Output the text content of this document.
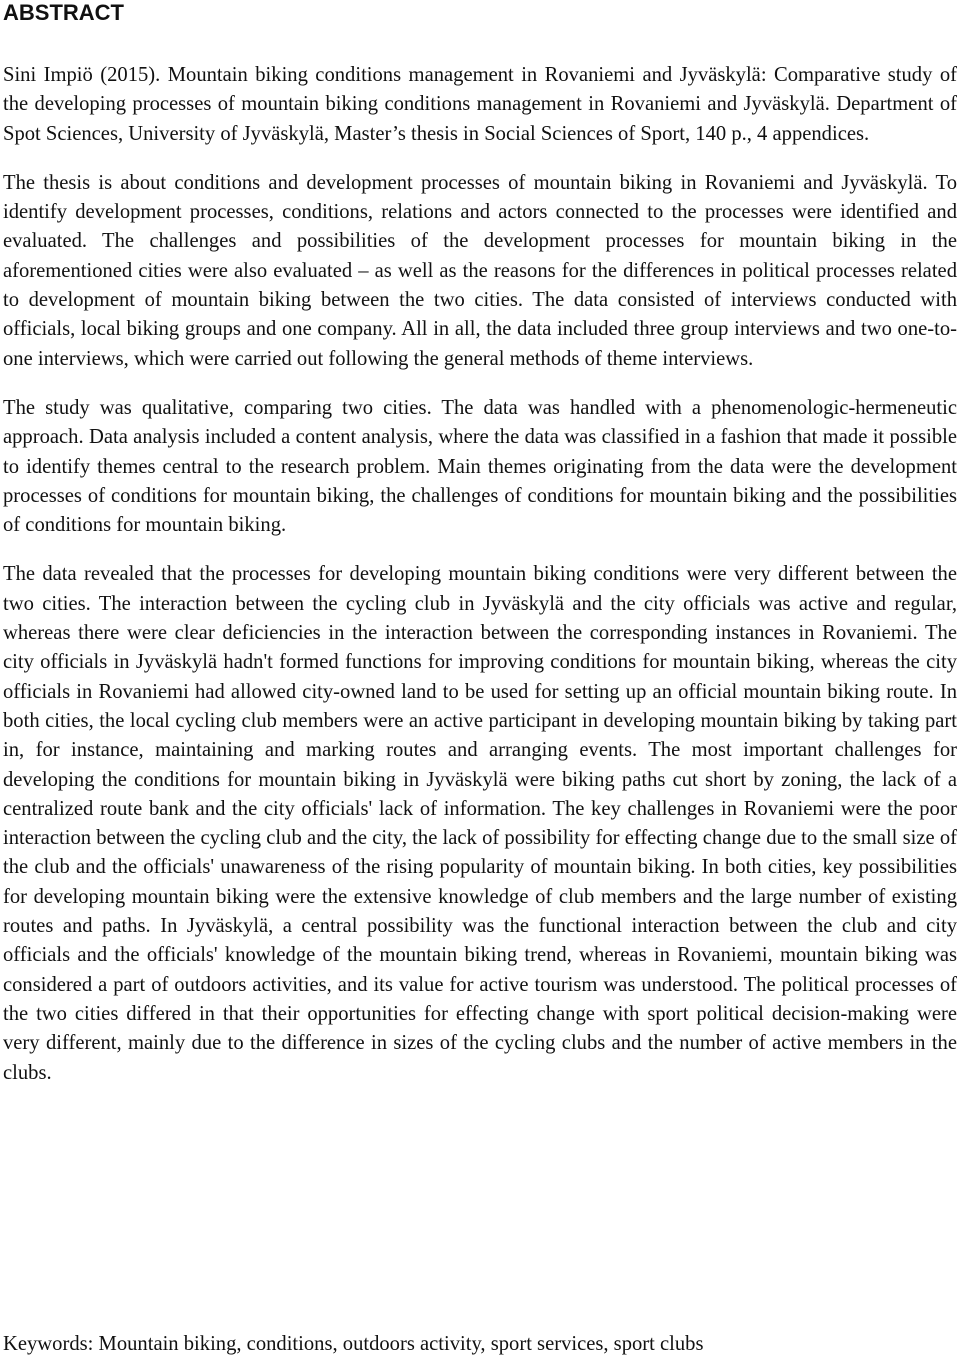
ABSTRACT

Sini Impiö (2015). Mountain biking conditions management in Rovaniemi and Jyväskylä: Comparative study of the developing processes of mountain biking conditions management in Rovaniemi and Jyväskylä. Department of Spot Sciences, University of Jyväskylä, Master’s thesis in Social Sciences of Sport, 140 p., 4 appendices.

The thesis is about conditions and development processes of mountain biking in Rovaniemi and Jyväskylä. To identify development processes, conditions, relations and actors connected to the processes were identified and evaluated. The challenges and possibilities of the development processes for mountain biking in the aforementioned cities were also evaluated – as well as the reasons for the differences in political processes related to development of mountain biking between the two cities. The data consisted of interviews conducted with officials, local biking groups and one company. All in all, the data included three group interviews and two one-to-one interviews, which were carried out following the general methods of theme interviews.

The study was qualitative, comparing two cities. The data was handled with a phenomenologic-hermeneutic approach. Data analysis included a content analysis, where the data was classified in a fashion that made it possible to identify themes central to the research problem. Main themes originating from the data were the development processes of conditions for mountain biking, the challenges of conditions for mountain biking and the possibilities of conditions for mountain biking.

The data revealed that the processes for developing mountain biking conditions were very different between the two cities. The interaction between the cycling club in Jyväskylä and the city officials was active and regular, whereas there were clear deficiencies in the interaction between the corresponding instances in Rovaniemi. The city officials in Jyväskylä hadn't formed functions for improving conditions for mountain biking, whereas the city officials in Rovaniemi had allowed city-owned land to be used for setting up an official mountain biking route. In both cities, the local cycling club members were an active participant in developing mountain biking by taking part in, for instance, maintaining and marking routes and arranging events. The most important challenges for developing the conditions for mountain biking in Jyväskylä were biking paths cut short by zoning, the lack of a centralized route bank and the city officials' lack of information. The key challenges in Rovaniemi were the poor interaction between the cycling club and the city, the lack of possibility for effecting change due to the small size of the club and the officials' unawareness of the rising popularity of mountain biking. In both cities, key possibilities for developing mountain biking were the extensive knowledge of club members and the large number of existing routes and paths. In Jyväskylä, a central possibility was the functional interaction between the club and city officials and the officials' knowledge of the mountain biking trend, whereas in Rovaniemi, mountain biking was considered a part of outdoors activities, and its value for active tourism was understood. The political processes of the two cities differed in that their opportunities for effecting change with sport political decision-making were very different, mainly due to the difference in sizes of the cycling clubs and the number of active members in the clubs.

Keywords: Mountain biking, conditions, outdoors activity, sport services, sport clubs
